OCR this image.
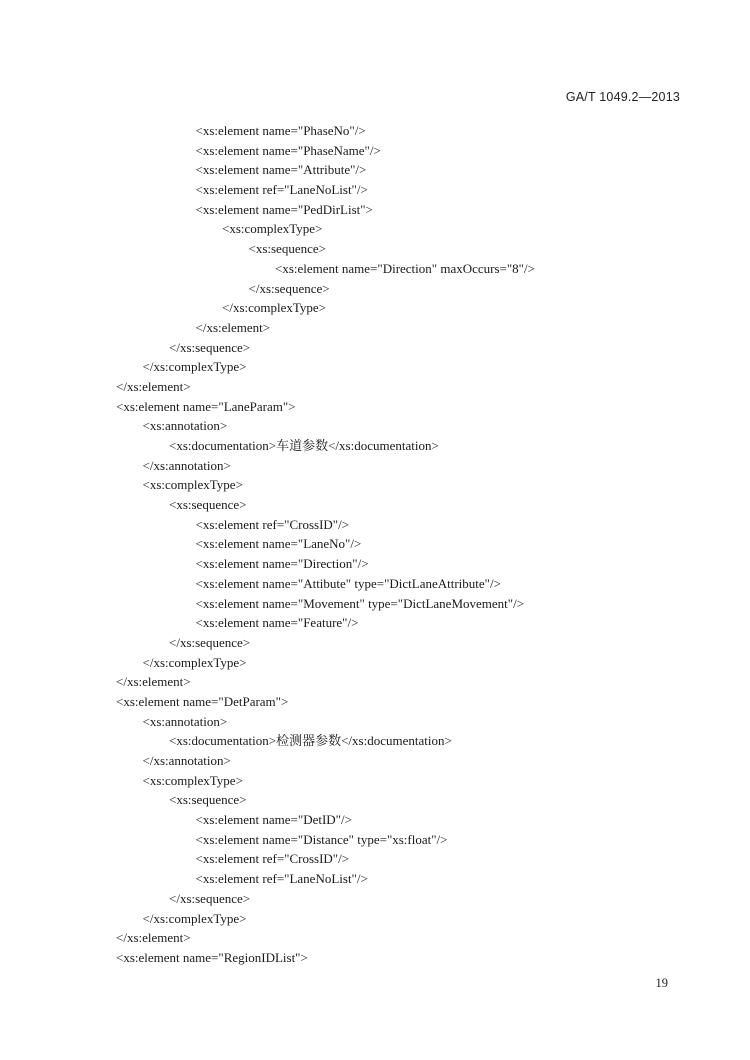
GA/T 1049.2—2013
<xs:element name="PhaseNo"/>
<xs:element name="PhaseName"/>
<xs:element name="Attribute"/>
<xs:element ref="LaneNoList"/>
<xs:element name="PedDirList">
<xs:complexType>
<xs:sequence>
<xs:element name="Direction" maxOccurs="8"/>
</xs:sequence>
</xs:complexType>
</xs:element>
</xs:sequence>
</xs:complexType>
</xs:element>
<xs:element name="LaneParam">
<xs:annotation>
<xs:documentation>车道参数</xs:documentation>
</xs:annotation>
<xs:complexType>
<xs:sequence>
<xs:element ref="CrossID"/>
<xs:element name="LaneNo"/>
<xs:element name="Direction"/>
<xs:element name="Attibute" type="DictLaneAttribute"/>
<xs:element name="Movement" type="DictLaneMovement"/>
<xs:element name="Feature"/>
</xs:sequence>
</xs:complexType>
</xs:element>
<xs:element name="DetParam">
<xs:annotation>
<xs:documentation>检测器参数</xs:documentation>
</xs:annotation>
<xs:complexType>
<xs:sequence>
<xs:element name="DetID"/>
<xs:element name="Distance" type="xs:float"/>
<xs:element ref="CrossID"/>
<xs:element ref="LaneNoList"/>
</xs:sequence>
</xs:complexType>
</xs:element>
<xs:element name="RegionIDList">
19
